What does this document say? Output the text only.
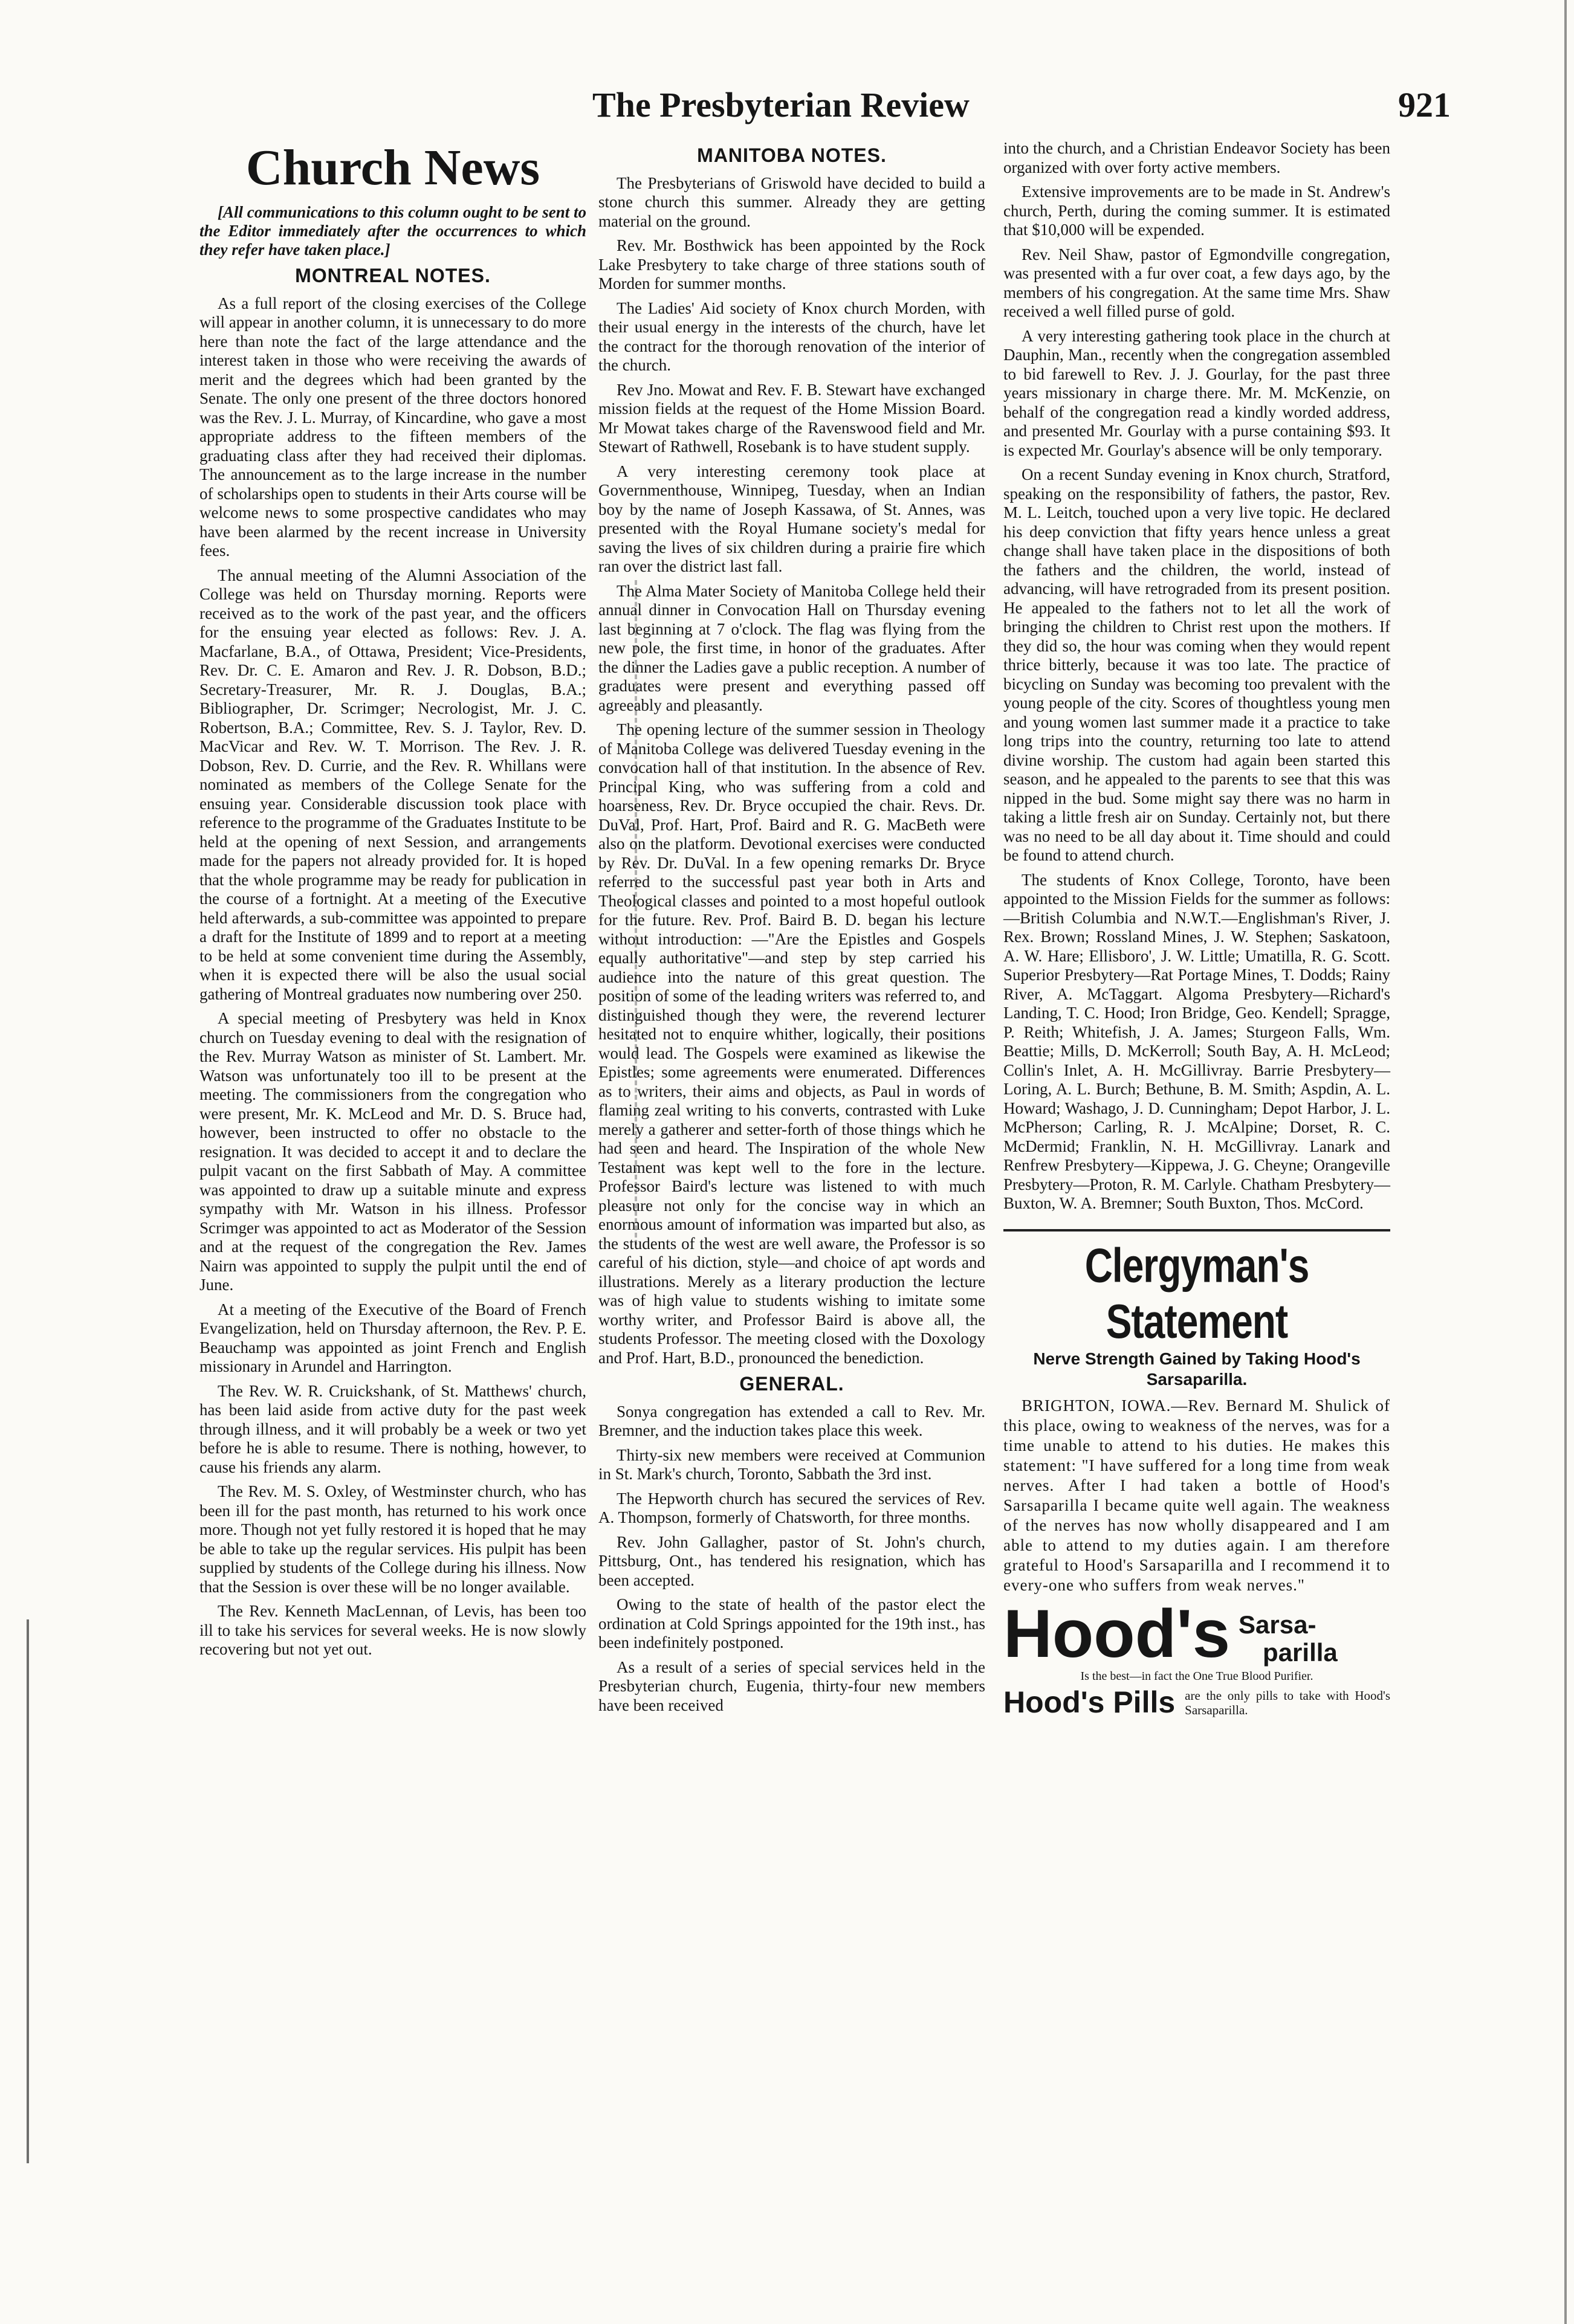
The Presbyterian Review	921
Church News

[All communications to this column ought to be sent to the Editor immediately after the occurrences to which they refer have taken place.]

MONTREAL NOTES.

As a full report of the closing exercises of the College will appear in another column, it is unnecessary to do more here than note the fact of the large attendance and the interest taken in those who were receiving the awards of merit and the degrees which had been granted by the Senate. The only one present of the three doctors honored was the Rev. J. L. Murray, of Kincardine, who gave a most appropriate address to the fifteen members of the graduating class after they had received their diplomas. The announcement as to the large increase in the number of scholarships open to students in their Arts course will be welcome news to some prospective candidates who may have been alarmed by the recent increase in University fees.

The annual meeting of the Alumni Association of the College was held on Thursday morning. Reports were received as to the work of the past year, and the officers for the ensuing year elected as follows: Rev. J. A. Macfarlane, B.A., of Ottawa, President; Vice-Presidents, Rev. Dr. C. E. Amaron and Rev. J. R. Dobson, B.D.; Secretary-Treasurer, Mr. R. J. Douglas, B.A.; Bibliographer, Dr. Scrimger; Necrologist, Mr. J. C. Robertson, B.A.; Committee, Rev. S. J. Taylor, Rev. D. MacVicar and Rev. W. T. Morrison. The Rev. J. R. Dobson, Rev. D. Currie, and the Rev. R. Whillans were nominated as members of the College Senate for the ensuing year. Considerable discussion took place with reference to the programme of the Graduates Institute to be held at the opening of next Session, and arrangements made for the papers not already provided for. It is hoped that the whole programme may be ready for publication in the course of a fortnight. At a meeting of the Executive held afterwards, a sub-committee was appointed to prepare a draft for the Institute of 1899 and to report at a meeting to be held at some convenient time during the Assembly, when it is expected there will be also the usual social gathering of Montreal graduates now numbering over 250.

A special meeting of Presbytery was held in Knox church on Tuesday evening to deal with the resignation of the Rev. Murray Watson as minister of St. Lambert. Mr. Watson was unfortunately too ill to be present at the meeting. The commissioners from the congregation who were present, Mr. K. McLeod and Mr. D. S. Bruce had, however, been instructed to offer no obstacle to the resignation. It was decided to accept it and to declare the pulpit vacant on the first Sabbath of May. A committee was appointed to draw up a suitable minute and express sympathy with Mr. Watson in his illness. Professor Scrimger was appointed to act as Moderator of the Session and at the request of the congregation the Rev. James Nairn was appointed to supply the pulpit until the end of June.

At a meeting of the Executive of the Board of French Evangelization, held on Thursday afternoon, the Rev. P. E. Beauchamp was appointed as joint French and English missionary in Arundel and Harrington.

The Rev. W. R. Cruickshank, of St. Matthews' church, has been laid aside from active duty for the past week through illness, and it will probably be a week or two yet before he is able to resume. There is nothing, however, to cause his friends any alarm.

The Rev. M. S. Oxley, of Westminster church, who has been ill for the past month, has returned to his work once more. Though not yet fully restored it is hoped that he may be able to take up the regular services. His pulpit has been supplied by students of the College during his illness. Now that the Session is over these will be no longer available.

The Rev. Kenneth MacLennan, of Levis, has been too ill to take his services for several weeks. He is now slowly recovering but not yet out.

MANITOBA NOTES.

The Presbyterians of Griswold have decided to build a stone church this summer. Already they are getting material on the ground.

Rev. Mr. Bosthwick has been appointed by the Rock Lake Presbytery to take charge of three stations south of Morden for summer months.

The Ladies' Aid society of Knox church Morden, with their usual energy in the interests of the church, have let the contract for the thorough renovation of the interior of the church.

Rev Jno. Mowat and Rev. F. B. Stewart have exchanged mission fields at the request of the Home Mission Board. Mr Mowat takes charge of the Ravenswood field and Mr. Stewart of Rathwell, Rosebank is to have student supply.

A very interesting ceremony took place at Governmenthouse, Winnipeg, Tuesday, when an Indian boy by the name of Joseph Kassawa, of St. Annes, was presented with the Royal Humane society's medal for saving the lives of six children during a prairie fire which ran over the district last fall.

The Alma Mater Society of Manitoba College held their annual dinner in Convocation Hall on Thursday evening last beginning at 7 o'clock. The flag was flying from the new pole, the first time, in honor of the graduates. After the dinner the Ladies gave a public reception. A number of graduates were present and everything passed off agreeably and pleasantly.

The opening lecture of the summer session in Theology of Manitoba College was delivered Tuesday evening in the convocation hall of that institution. In the absence of Rev. Principal King, who was suffering from a cold and hoarseness, Rev. Dr. Bryce occupied the chair. Revs. Dr. DuVal, Prof. Hart, Prof. Baird and R. G. MacBeth were also on the platform. Devotional exercises were conducted by Rev. Dr. DuVal. In a few opening remarks Dr. Bryce referred to the successful past year both in Arts and Theological classes and pointed to a most hopeful outlook for the future. Rev. Prof. Baird B. D. began his lecture without introduction: —"Are the Epistles and Gospels equally authoritative"—and step by step carried his audience into the nature of this great question. The position of some of the leading writers was referred to, and distinguished though they were, the reverend lecturer hesitated not to enquire whither, logically, their positions would lead. The Gospels were examined as likewise the Epistles; some agreements were enumerated. Differences as to writers, their aims and objects, as Paul in words of flaming zeal writing to his converts, contrasted with Luke merely a gatherer and setter-forth of those things which he had seen and heard. The Inspiration of the whole New Testament was kept well to the fore in the lecture. Professor Baird's lecture was listened to with much pleasure not only for the concise way in which an enormous amount of information was imparted but also, as the students of the west are well aware, the Professor is so careful of his diction, style—and choice of apt words and illustrations. Merely as a literary production the lecture was of high value to students wishing to imitate some worthy writer, and Professor Baird is above all, the students Professor. The meeting closed with the Doxology and Prof. Hart, B.D., pronounced the benediction.

GENERAL.

Sonya congregation has extended a call to Rev. Mr. Bremner, and the induction takes place this week.

Thirty-six new members were received at Communion in St. Mark's church, Toronto, Sabbath the 3rd inst.

The Hepworth church has secured the services of Rev. A. Thompson, formerly of Chatsworth, for three months.

Rev. John Gallagher, pastor of St. John's church, Pittsburg, Ont., has tendered his resignation, which has been accepted.

Owing to the state of health of the pastor elect the ordination at Cold Springs appointed for the 19th inst., has been indefinitely postponed.

As a result of a series of special services held in the Presbyterian church, Eugenia, thirty-four new members have been received

into the church, and a Christian Endeavor Society has been organized with over forty active members.

Extensive improvements are to be made in St. Andrew's church, Perth, during the coming summer. It is estimated that $10,000 will be expended.

Rev. Neil Shaw, pastor of Egmondville congregation, was presented with a fur over coat, a few days ago, by the members of his congregation. At the same time Mrs. Shaw received a well filled purse of gold.

A very interesting gathering took place in the church at Dauphin, Man., recently when the congregation assembled to bid farewell to Rev. J. J. Gourlay, for the past three years missionary in charge there. Mr. M. McKenzie, on behalf of the congregation read a kindly worded address, and presented Mr. Gourlay with a purse containing $93. It is expected Mr. Gourlay's absence will be only temporary.

On a recent Sunday evening in Knox church, Stratford, speaking on the responsibility of fathers, the pastor, Rev. M. L. Leitch, touched upon a very live topic. He declared his deep conviction that fifty years hence unless a great change shall have taken place in the dispositions of both the fathers and the children, the world, instead of advancing, will have retrograded from its present position. He appealed to the fathers not to let all the work of bringing the children to Christ rest upon the mothers. If they did so, the hour was coming when they would repent thrice bitterly, because it was too late. The practice of bicycling on Sunday was becoming too prevalent with the young people of the city. Scores of thoughtless young men and young women last summer made it a practice to take long trips into the country, returning too late to attend divine worship. The custom had again been started this season, and he appealed to the parents to see that this was nipped in the bud. Some might say there was no harm in taking a little fresh air on Sunday. Certainly not, but there was no need to be all day about it. Time should and could be found to attend church.

The students of Knox College, Toronto, have been appointed to the Mission Fields for the summer as follows: —British Columbia and N.W.T.—Englishman's River, J. Rex. Brown; Rossland Mines, J. W. Stephen; Saskatoon, A. W. Hare; Ellisboro', J. W. Little; Umatilla, R. G. Scott. Superior Presbytery—Rat Portage Mines, T. Dodds; Rainy River, A. McTaggart. Algoma Presbytery—Richard's Landing, T. C. Hood; Iron Bridge, Geo. Kendell; Spragge, P. Reith; Whitefish, J. A. James; Sturgeon Falls, Wm. Beattie; Mills, D. McKerroll; South Bay, A. H. McLeod; Collin's Inlet, A. H. McGillivray. Barrie Presbytery—Loring, A. L. Burch; Bethune, B. M. Smith; Aspdin, A. L. Howard; Washago, J. D. Cunningham; Depot Harbor, J. L. McPherson; Carling, R. J. McAlpine; Dorset, R. C. McDermid; Franklin, N. H. McGillivray. Lanark and Renfrew Presbytery—Kippewa, J. G. Cheyne; Orangeville Presbytery—Proton, R. M. Carlyle. Chatham Presbytery—Buxton, W. A. Bremner; South Buxton, Thos. McCord.

Clergyman's Statement
Nerve Strength Gained by Taking Hood's Sarsaparilla.

BRIGHTON, IOWA.—Rev. Bernard M. Shulick of this place, owing to weakness of the nerves, was for a time unable to attend to his duties. He makes this statement: "I have suffered for a long time from weak nerves. After I had taken a bottle of Hood's Sarsaparilla I became quite well again. The weakness of the nerves has now wholly disappeared and I am able to attend to my duties again. I am therefore grateful to Hood's Sarsaparilla and I recommend it to every-one who suffers from weak nerves."

Hood's Sarsa-
parilla
Is the best—in fact the One True Blood Purifier.
Hood's Pills are the only pills to take with Hood's Sarsaparilla.
